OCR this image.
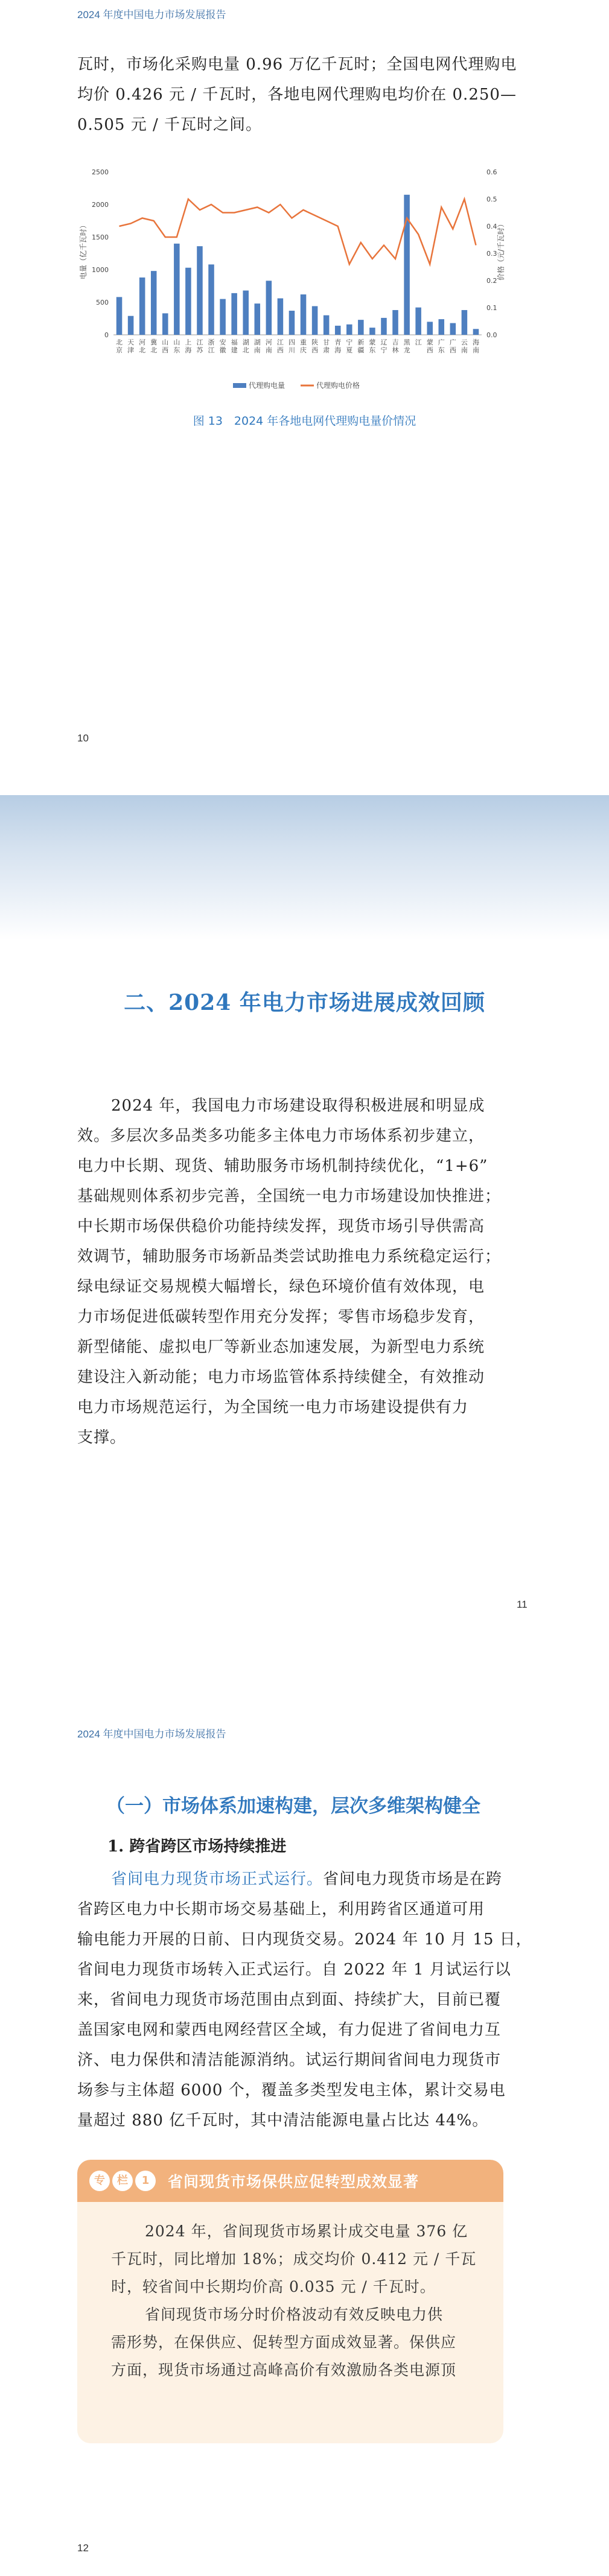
2024 年度中国电力市场发展报告
瓦时，市场化采购电量 0.96 万亿千瓦时；全国电网代理购电
均价 0.426 元 / 千瓦时，各地电网代理购电均价在 0.250—
0.505 元 / 千瓦时之间。
0
500
1000
1500
2000
2500
0.0
0.1
0.2
0.3
0.4
0.5
0.6
北京
天津
河北
冀北
山西
山东
上海
江苏
浙江
安徽
福建
湖北
湖南
河南
江西
四川
重庆
陕西
甘肃
青海
宁夏
新疆
蒙东
辽宁
吉林
黑龙
江 蒙西
广东
广西
云南
海南
电量（亿千瓦时）	价格（元/千瓦时）
代理购电量	代理购电价格
图 13　2024 年各地电网代理购电量价情况
10
二、2024 年电力市场进展成效回顾
2024 年，我国电力市场建设取得积极进展和明显成
效。多层次多品类多功能多主体电力市场体系初步建立，
电力中长期、现货、辅助服务市场机制持续优化，“1+6”
基础规则体系初步完善，全国统一电力市场建设加快推进；
中长期市场保供稳价功能持续发挥，现货市场引导供需高
效调节，辅助服务市场新品类尝试助推电力系统稳定运行；
绿电绿证交易规模大幅增长，绿色环境价值有效体现，电
力市场促进低碳转型作用充分发挥；零售市场稳步发育，
新型储能、虚拟电厂等新业态加速发展，为新型电力系统
建设注入新动能；电力市场监管体系持续健全，有效推动
电力市场规范运行，为全国统一电力市场建设提供有力
支撑。
11
2024 年度中国电力市场发展报告
（一）市场体系加速构建，层次多维架构健全
1. 跨省跨区市场持续推进
省间电力现货市场正式运行。省间电力现货市场是在跨
省跨区电力中长期市场交易基础上，利用跨省区通道可用
输电能力开展的日前、日内现货交易。2024 年 10 月 15 日，
省间电力现货市场转入正式运行。自 2022 年 1 月试运行以
来，省间电力现货市场范围由点到面、持续扩大，目前已覆
盖国家电网和蒙西电网经营区全域，有力促进了省间电力互
济、电力保供和清洁能源消纳。试运行期间省间电力现货市
场参与主体超 6000 个，覆盖多类型发电主体，累计交易电
量超过 880 亿千瓦时，其中清洁能源电量占比达 44%。
专	栏	1	省间现货市场保供应促转型成效显著
2024 年，省间现货市场累计成交电量 376 亿
千瓦时，同比增加 18%；成交均价 0.412 元 / 千瓦
时，较省间中长期均价高 0.035 元 / 千瓦时。
省间现货市场分时价格波动有效反映电力供
需形势，在保供应、促转型方面成效显著。保供应
方面，现货市场通过高峰高价有效激励各类电源顶
12
